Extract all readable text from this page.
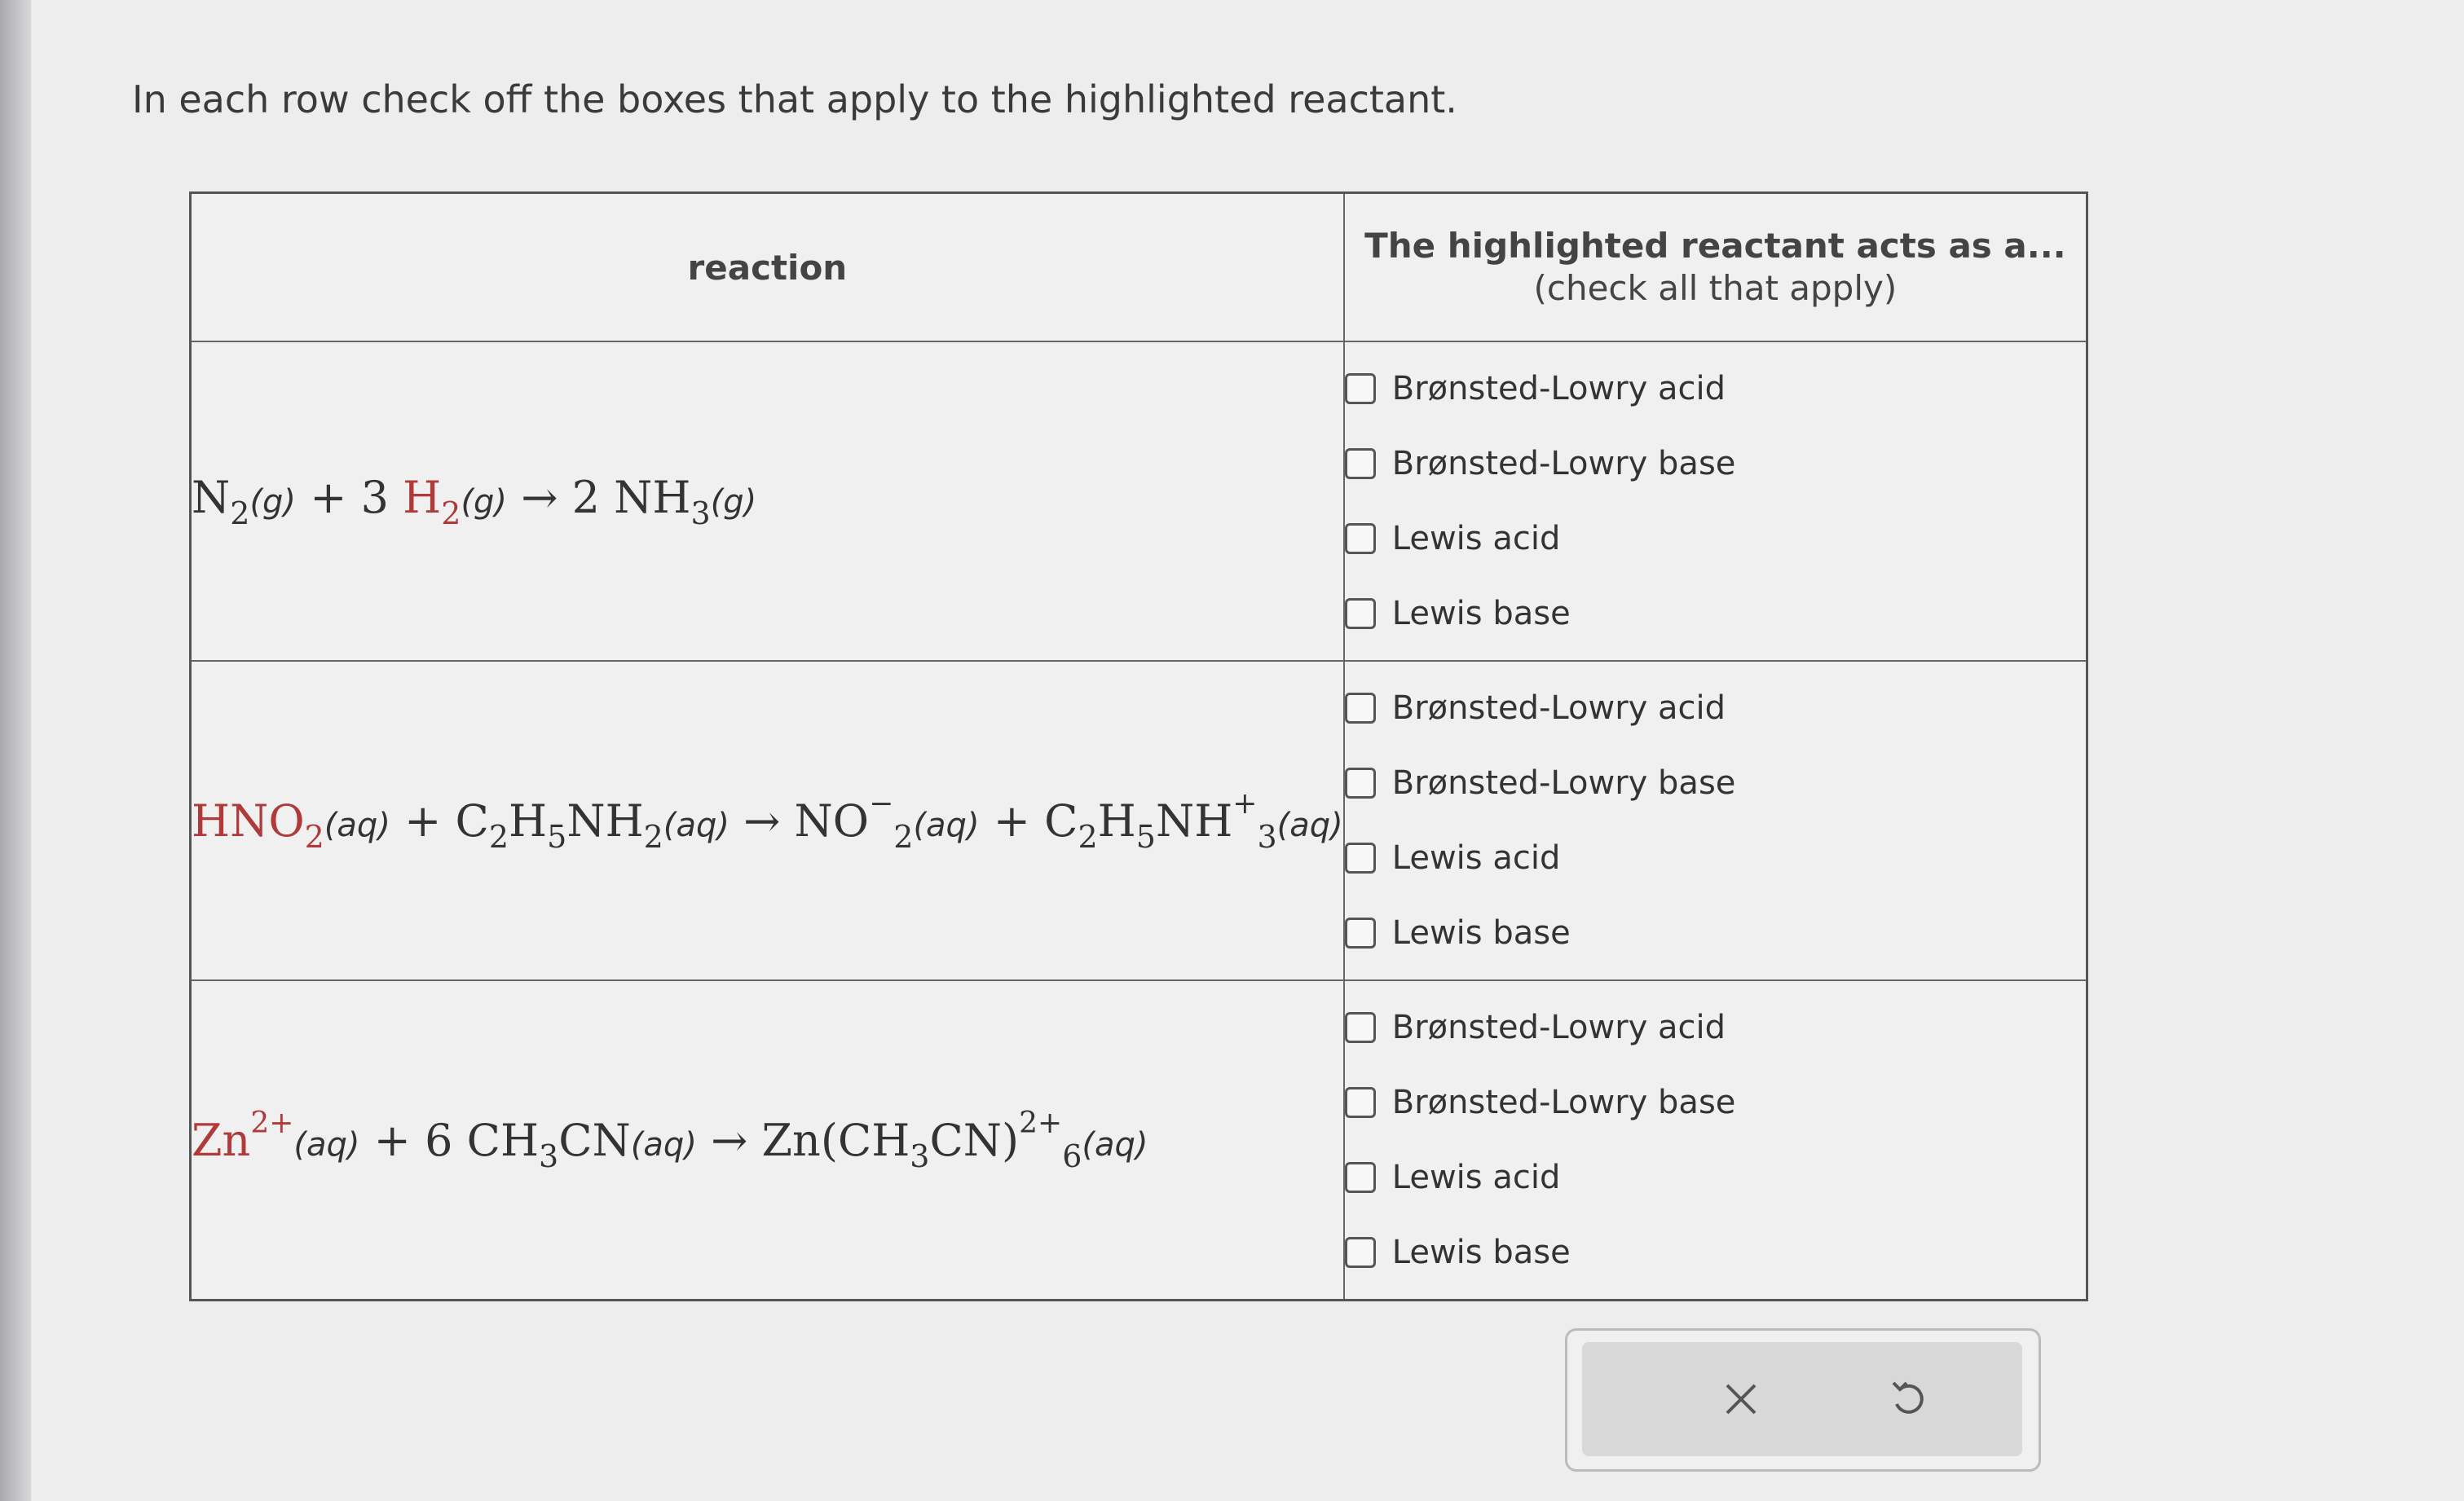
In each row check off the boxes that apply to the highlighted reactant.
reaction	The highlighted reactant acts as a...
(check all that apply)

$N_2(g) + 3$ $H_2(g) \to 2$ $NH_3(g)$	Brønsted-Lowry acid
Brønsted-Lowry base
Lewis acid
Lewis base

$HNO_2(aq) + C_2H_5NH_2(aq) \to NO^-_2(aq) + C_2H_5NH^+_3(aq)$	Brønsted-Lowry acid
Brønsted-Lowry base
Lewis acid
Lewis base

$Zn^{2+}(aq) + 6$ $CH_3CN(aq) \to Zn(CH_3CN)^{2+}_6(aq)$	Brønsted-Lowry acid
Brønsted-Lowry base
Lewis acid
Lewis base
